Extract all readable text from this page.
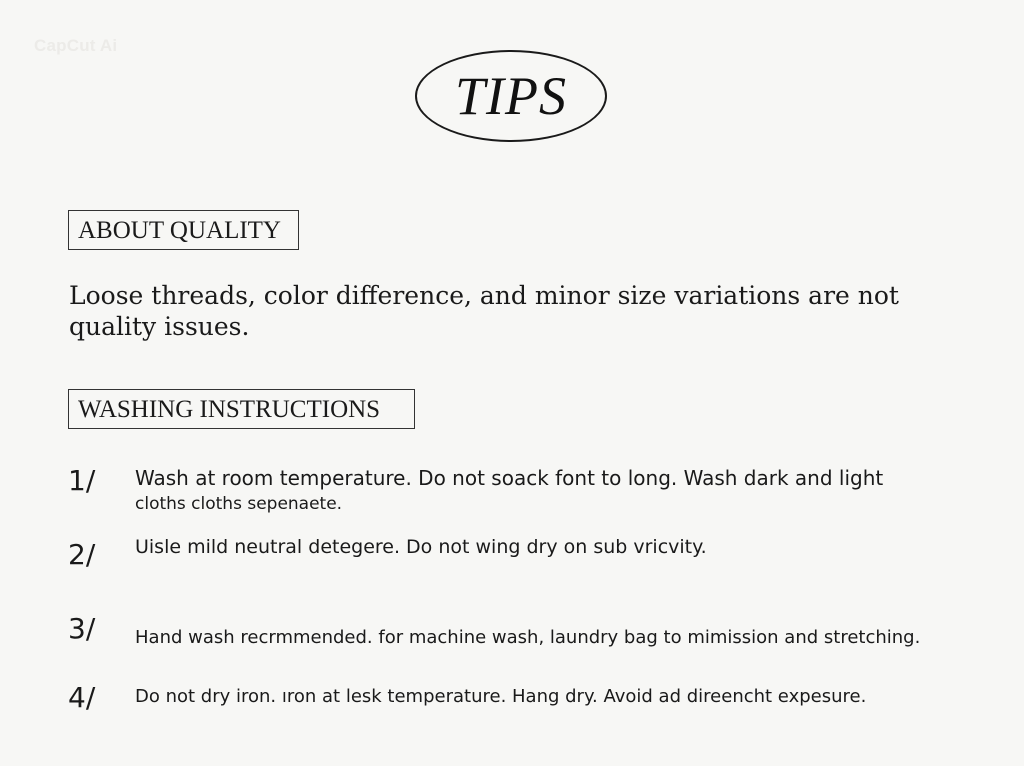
CapCut Ai
TIPS
ABOUT QUALITY

Loose threads, color difference, and minor size variations are not quality issues.

WASHING INSTRUCTIONS
1/ Wash at room temperature. Do not soack font to long. Wash dark and light
cloths cloths sepenaete.

2/ Uisle mild neutral detegere. Do not wing dry on sub vricvity.

3/ Hand wash recrmmended. for machine wash, laundry bag to mimission and stretching.

4/ Do not dry iron. ıron at lesk temperature. Hang dry. Avoid ad direencht expesure.
